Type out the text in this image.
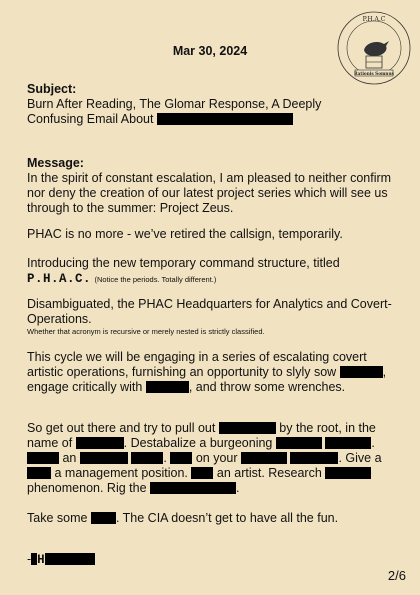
Mar 30, 2024
P.H.A.C
Rationis Somnus
Subject:
Burn After Reading, The Glomar Response, A Deeply
Confusing Email About
Message:
In the spirit of constant escalation, I am pleased to neither confirm nor deny the creation of our latest project series which will see us through to the summer: Project Zeus.
PHAC is no more - we’ve retired the callsign, temporarily.
Introducing the new temporary command structure, titled
P.H.A.C. (Notice the periods. Totally different.)
Disambiguated, the PHAC Headquarters for Analytics and Covert-Operations.
Whether that acronym is recursive or merely nested is strictly classified.
This cycle we will be engaging in a series of escalating covert artistic operations, furnishing an opportunity to slyly sow	, engage critically with	, and throw some wrenches.
So get out there and try to pull out	by the root, in the name of	. Destabalize a burgeoning	.  an	. on your	. Give a  a management position. an artist. Research  phenomenon. Rig the	.
Take some . The CIA doesn’t get to have all the fun.
- H
2/6
